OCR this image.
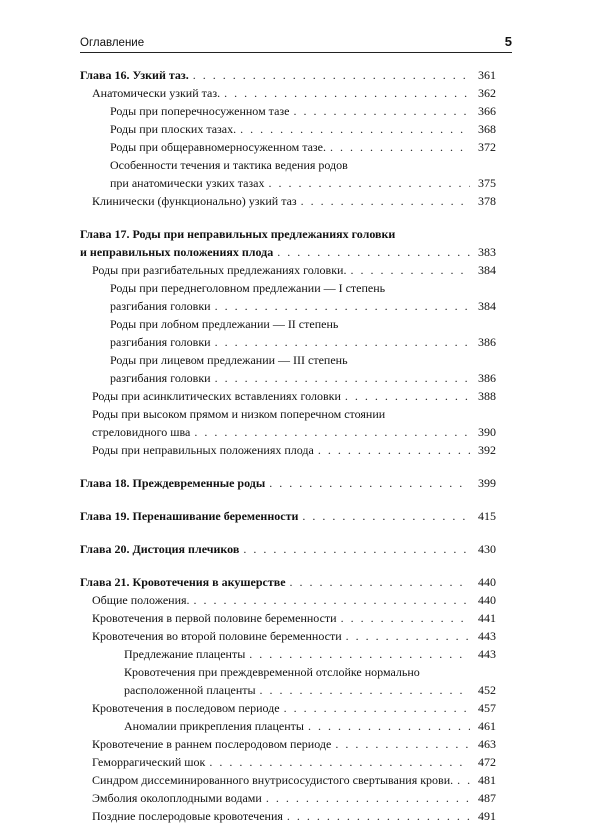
Оглавление	5
Глава 16. Узкий таз. . . .	361
Анатомически узкий таз. . . .	362
Роды при поперечносуженном тазе . . .	366
Роды при плоских тазах. . . .	368
Роды при общеравномерносуженном тазе. . . .	372
Особенности течения и тактика ведения родов
при анатомически узких тазах . . .	375
Клинически (функционально) узкий таз . . .	378
Глава 17. Роды при неправильных предлежаниях головки
и неправильных положениях плода . . .	383
Роды при разгибательных предлежаниях головки. . . .	384
Роды при переднеголовном предлежании — I степень
разгибания головки . . .	384
Роды при лобном предлежании — II степень
разгибания головки . . .	386
Роды при лицевом предлежании — III степень
разгибания головки . . .	386
Роды при асинклитических вставлениях головки . . .	388
Роды при высоком прямом и низком поперечном стоянии
стреловидного шва . . .	390
Роды при неправильных положениях плода . . .	392
Глава 18. Преждевременные роды . . .	399
Глава 19. Перенашивание беременности . . .	415
Глава 20. Дистоция плечиков . . .	430
Глава 21. Кровотечения в акушерстве . . .	440
Общие положения. . . .	440
Кровотечения в первой половине беременности . . .	441
Кровотечения во второй половине беременности . . .	443
Предлежание плаценты . . .	443
Кровотечения при преждевременной отслойке нормально
расположенной плаценты . . .	452
Кровотечения в последовом периоде . . .	457
Аномалии прикрепления плаценты . . .	461
Кровотечение в раннем послеродовом периоде . . .	463
Геморрагический шок . . .	472
Синдром диссеминированного внутрисосудистого свертывания крови. . . .	481
Эмболия околоплодными водами . . .	487
Поздние послеродовые кровотечения . . .	491
